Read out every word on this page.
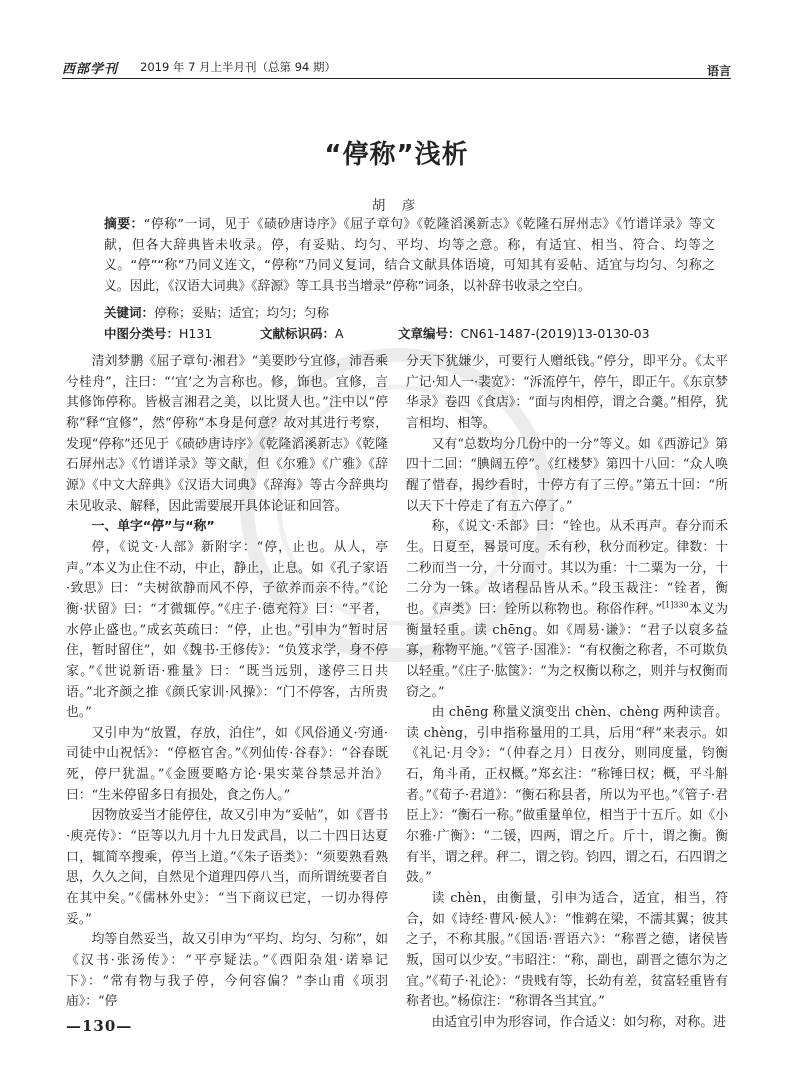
西部学刊 2019 年 7 月上半月刊（总第 94 期）	语言
“停称”浅析
胡 彦
摘要：“停称”一词，见于《碛砂唐诗序》《屈子章句》《乾隆滔溪新志》《乾隆石屏州志》《竹谱详录》等文献，但各大辞典皆未收录。停，有妥贴、均匀、平均、均等之意。称，有适宜、相当、符合、均等之义。“停”“称”乃同义连文，“停称”乃同义复词，结合文献具体语境，可知其有妥帖、适宜与均匀、匀称之义。因此，《汉语大词典》《辞源》等工具书当增录“停称”词条，以补辞书收录之空白。
关键词：停称；妥贴；适宜；均匀；匀称
中图分类号：H131	文献标识码：A	文章编号：CN61-1487-(2019)13-0130-03

清刘梦鹏《屈子章句·湘君》“美要眇兮宜修，沛吾乘兮桂舟”，注曰：“‘宜’之为言称也。修，饰也。宜修，言其修饰停称。皆极言湘君之美，以比贤人也。”注中以“停称”释“宜修”，然“停称”本身是何意？故对其进行考察，发现“停称”还见于《碛砂唐诗序》《乾隆滔溪新志》《乾隆石屏州志》《竹谱详录》等文献，但《尔雅》《广雅》《辞源》《中文大辞典》《汉语大词典》《辞海》等古今辞典均未见收录、解释，因此需要展开具体论证和回答。

一、单字“停”与“称”

停，《说文·人部》新附字：“停，止也。从人，亭声。”本义为止住不动，中止，静止，止息。如《孔子家语·致思》曰：“夫树欲静而风不停，子欲养而亲不待。”《论衡·状留》曰：“才微辄停。”《庄子·德充符》曰：“平者，水停止盛也。”成玄英疏曰：“停，止也。”引申为“暂时居住，暂时留住”，如《魏书·王修传》：“负笈求学，身不停家。”《世说新语·雅量》曰：“既当远别，遂停三日共语。”北齐颜之推《颜氏家训·风操》：“门不停客，古所贵也。”

又引申为“放置，存放，泊住”，如《风俗通义·穷通·司徒中山祝恬》：“停柩官舍。”《列仙传·谷春》：“谷春既死，停尸犹温。”《金匮要略方论·果实菜谷禁忌并治》曰：“生米停留多日有损处，食之伤人。”

因物放妥当才能停住，故又引申为“妥帖”，如《晋书·庾亮传》：“臣等以九月十九日发武昌，以二十四日达夏口，辄简卒搜乘，停当上道。”《朱子语类》：“须要熟看熟思，久久之间，自然见个道理四停八当，而所谓统要者自在其中矣。”《儒林外史》：“当下商议已定，一切办得停妥。”

均等自然妥当，故又引申为“平均、均匀、匀称”，如《汉书·张汤传》：“平亭疑法。”《西阳杂俎·诺皋记下》：“常有物与我子停，今何容偏？”李山甫《项羽庙》：“停

分天下犹嫌少，可要行人赠纸钱。”停分，即平分。《太平广记·知人一·裴宽》：“泝流停午，停午，即正午。《东京梦华录》卷四《食店》：“面与肉相停，谓之合羹。”相停，犹言相均、相等。

又有“总数均分几份中的一分”等义。如《西游记》第四十二回：“腆阔五停”。《红楼梦》第四十八回：“众人唤醒了惜春，揭纱看时，十停方有了三停。”第五十回：“所以天下十停走了有五六停了。”

称，《说文·禾部》曰：“铨也。从禾再声。春分而禾生。日夏至，晷景可度。禾有秒，秋分而秒定。律数：十二秒而当一分，十分而寸。其以为重：十二粟为一分，十二分为一铢。故诸程品皆从禾。”段玉裁注：“铨者，衡也。《声类》曰：铨所以称物也。称俗作秤。”$^{[1]330}$本义为衡量轻重。读 chēng。如《周易·谦》：“君子以裒多益寡，称物平施。”《管子·国准》：“有权衡之称者，不可欺负以轻重。”《庄子·肱箧》：“为之权衡以称之，则并与权衡而窃之。”

由 chēng 称量义演变出 chèn、chèng 两种读音。读 chèng，引申指称量用的工具，后用“秤”来表示。如《礼记·月令》：“（仲春之月）日夜分，则同度量，钧衡石，角斗甬，正权概。”郑玄注：“称锤曰权；概，平斗斛者。”《荀子·君道》：“衡石称县者，所以为平也。”《管子·君臣上》：“衡石一称。”做重量单位，相当于十五斤。如《小尔雅·广衡》：“二锾，四两，谓之斤。斤十，谓之衡。衡有半，谓之秤。秤二，谓之钧。钧四，谓之石，石四谓之鼓。”

读 chèn，由衡量，引申为适合，适宜，相当，符合，如《诗经·曹风·候人》：“惟鹈在梁，不濡其翼；彼其之子，不称其服。”《国语·晋语六》：“称晋之德，诸侯皆叛，国可以少安。”韦昭注：“称，副也，副晋之德尔为之宜。”《荀子·礼论》：“贵贱有等，长幼有差，贫富轻重皆有称者也。”杨倞注：“称谓各当其宜。”

由适宜引申为形容词，作合适义：如匀称，对称。进

—130—
